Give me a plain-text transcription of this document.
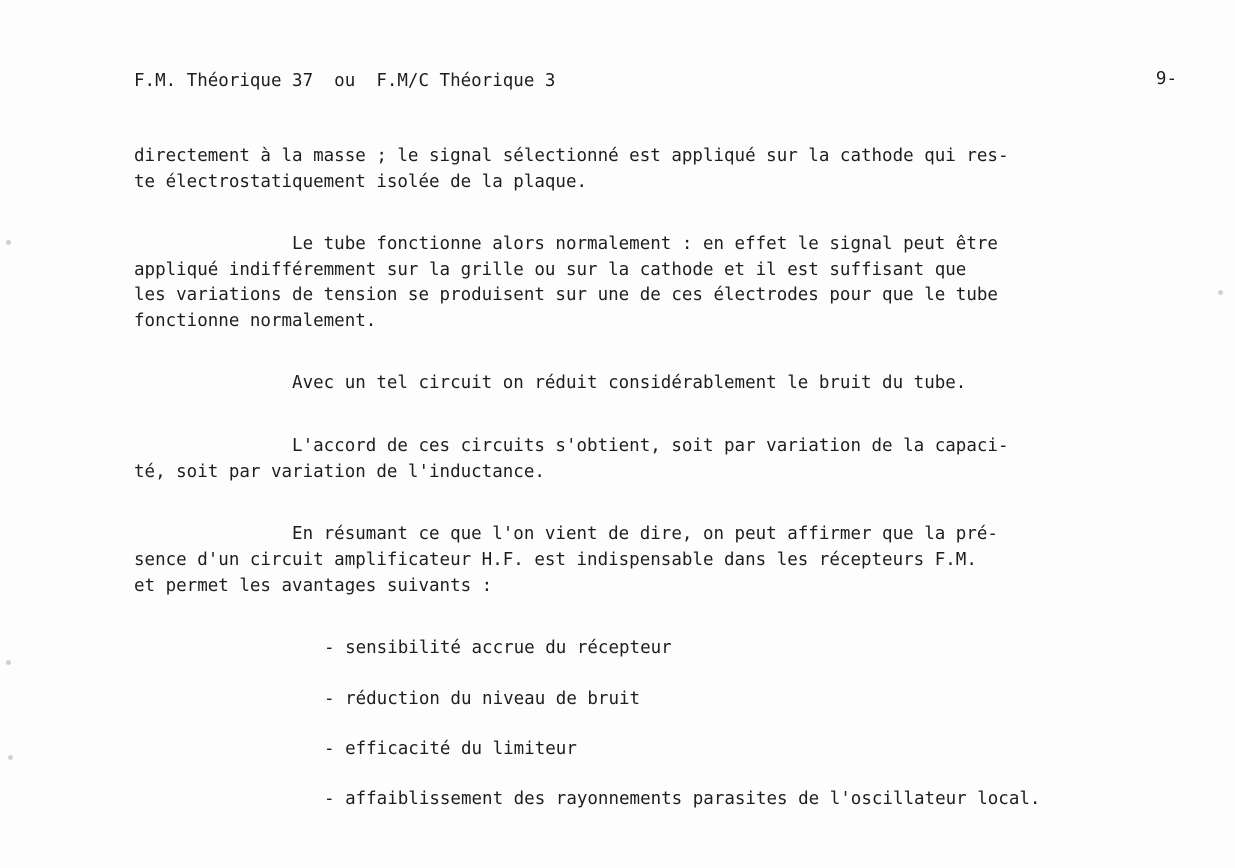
F.M. Théorique 37  ou  F.M/C Théorique 3	9-
directement à la masse ; le signal sélectionné est appliqué sur la cathode qui res-
te électrostatiquement isolée de la plaque.
Le tube fonctionne alors normalement : en effet le signal peut être
appliqué indifféremment sur la grille ou sur la cathode et il est suffisant que
les variations de tension se produisent sur une de ces électrodes pour que le tube
fonctionne normalement.
Avec un tel circuit on réduit considérablement le bruit du tube.
L'accord de ces circuits s'obtient, soit par variation de la capaci-
té, soit par variation de l'inductance.
En résumant ce que l'on vient de dire, on peut affirmer que la pré-
sence d'un circuit amplificateur H.F. est indispensable dans les récepteurs F.M.
et permet les avantages suivants :
- sensibilité accrue du récepteur
- réduction du niveau de bruit
- efficacité du limiteur
- affaiblissement des rayonnements parasites de l'oscillateur local.
